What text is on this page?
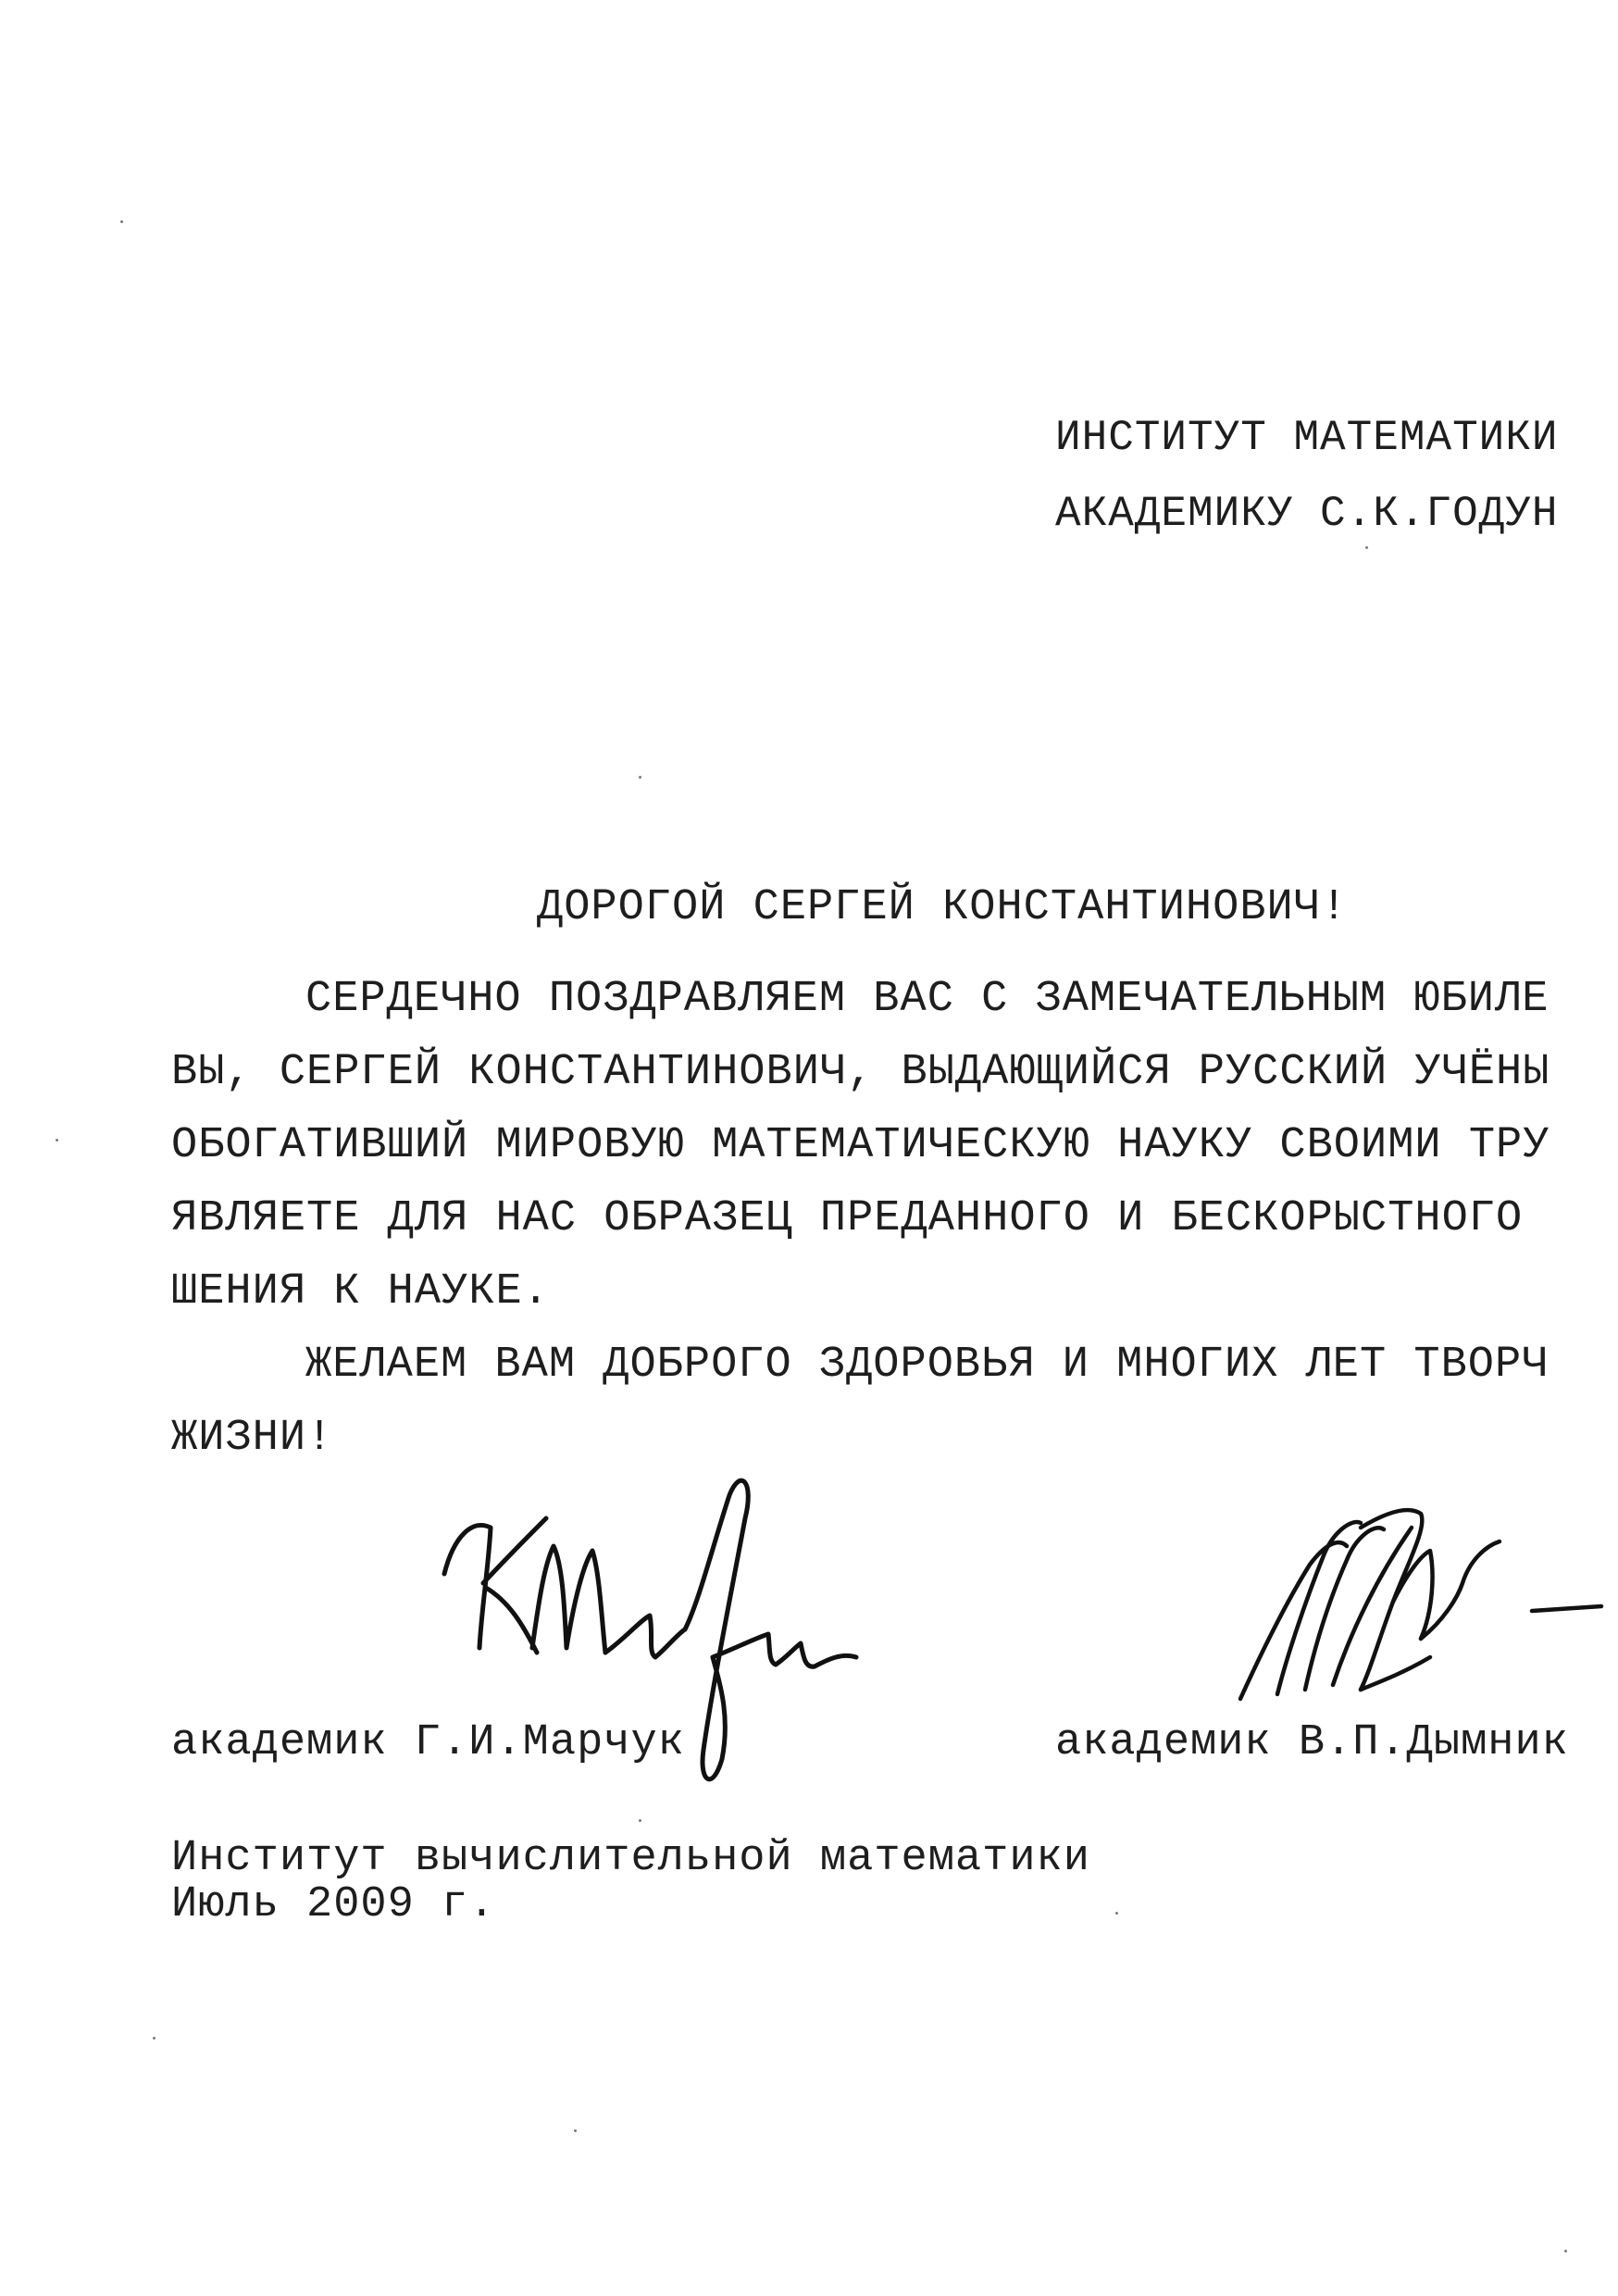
ИНСТИТУТ МАТЕМАТИКИ
АКАДЕМИКУ С.К.ГОДУН
ДОРОГОЙ СЕРГЕЙ КОНСТАНТИНОВИЧ!
СЕРДЕЧНО ПОЗДРАВЛЯЕМ ВАС С ЗАМЕЧАТЕЛЬНЫМ ЮБИЛЕ
ВЫ, СЕРГЕЙ КОНСТАНТИНОВИЧ, ВЫДАЮЩИЙСЯ РУССКИЙ УЧЁНЫ
ОБОГАТИВШИЙ МИРОВУЮ МАТЕМАТИЧЕСКУЮ НАУКУ СВОИМИ ТРУ
ЯВЛЯЕТЕ ДЛЯ НАС ОБРАЗЕЦ ПРЕДАННОГО И БЕСКОРЫСТНОГО
ШЕНИЯ К НАУКЕ.
ЖЕЛАЕМ ВАМ ДОБРОГО ЗДОРОВЬЯ И МНОГИХ ЛЕТ ТВОРЧ
ЖИЗНИ!
академик Г.И.Марчук	академик В.П.Дымник
Институт вычислительной математики
Июль 2009 г.
